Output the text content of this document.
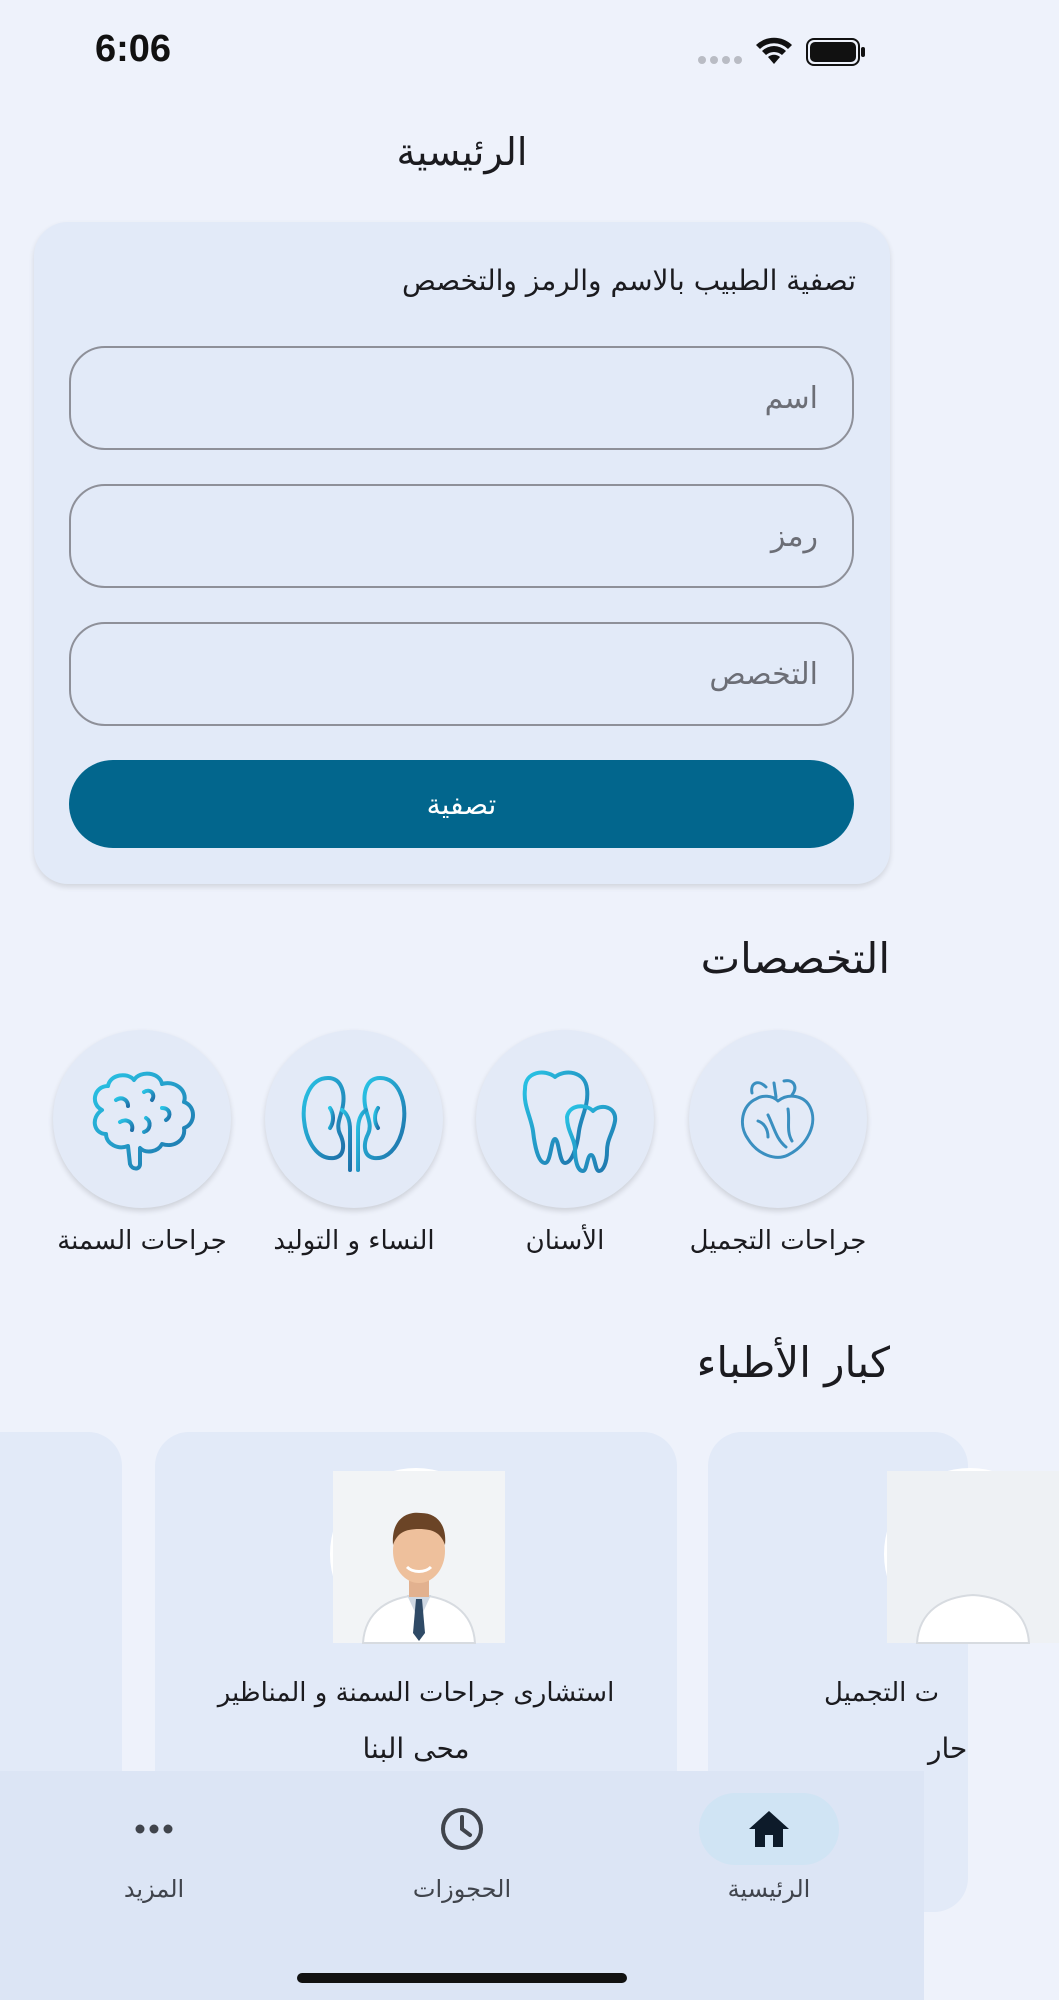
6:06
الرئيسية
تصفية الطبيب بالاسم والرمز والتخصص
اسم
رمز
التخصص
تصفية
التخصصات
جراحات التجميل
الأسنان
النساء و التوليد
جراحات السمنة
كبار الأطباء
استشارى جراحات السمنة و المناظير
محى البنا
ت التجميل
حار
المزيد	الحجوزات	الرئيسية
